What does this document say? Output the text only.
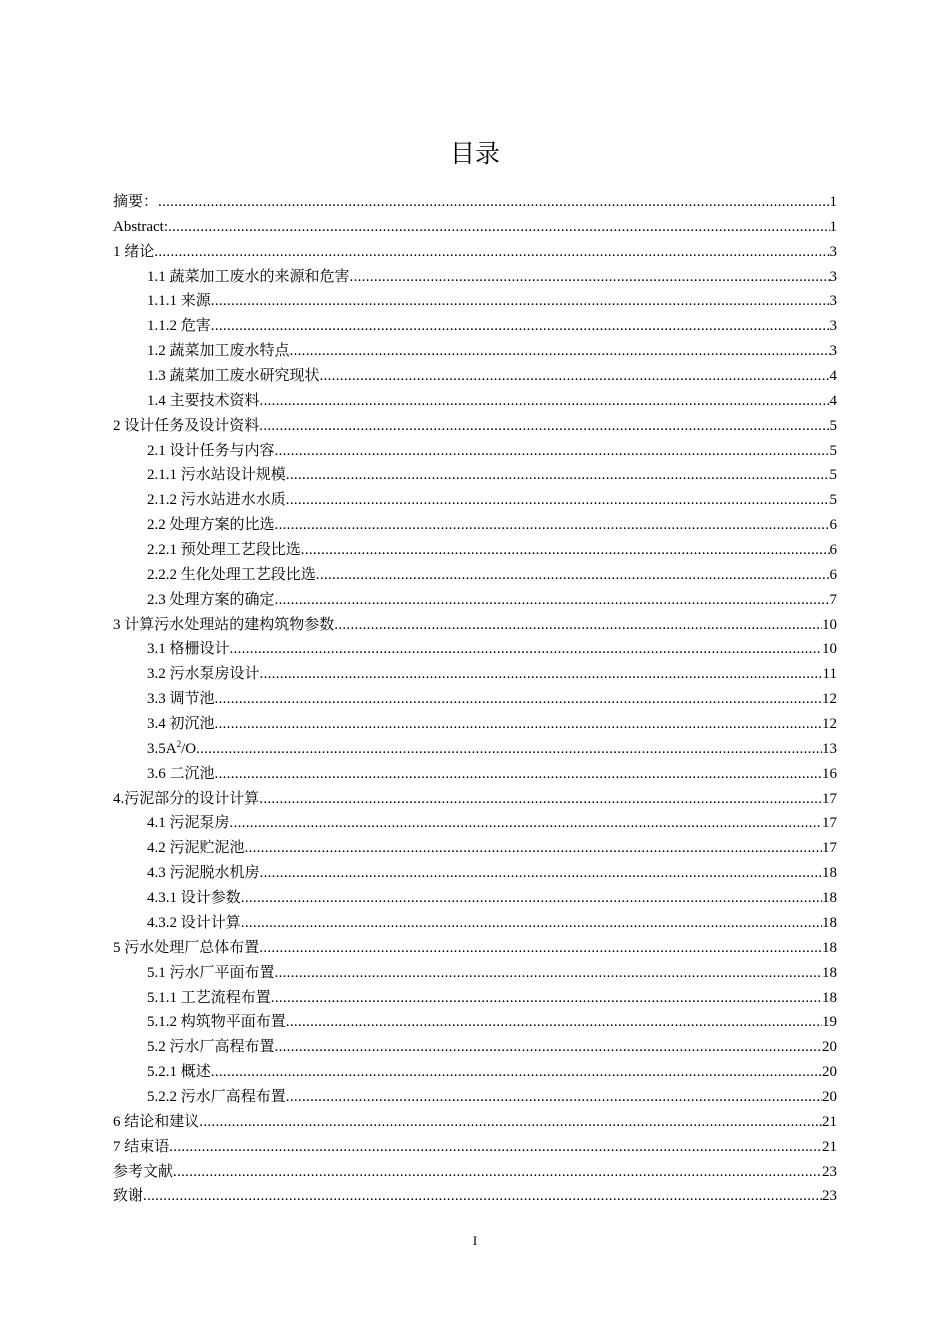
目录
摘要： .....	1
Abstract: .....	1
1 绪论 .....	3
1.1 蔬菜加工废水的来源和危害 .....	3
1.1.1 来源 .....	3
1.1.2 危害 .....	3
1.2 蔬菜加工废水特点 .....	3
1.3 蔬菜加工废水研究现状 .....	4
1.4 主要技术资料 .....	4
2 设计任务及设计资料 .....	5
2.1 设计任务与内容 .....	5
2.1.1 污水站设计规模 .....	5
2.1.2 污水站进水水质 .....	5
2.2 处理方案的比选 .....	6
2.2.1 预处理工艺段比选 .....	6
2.2.2 生化处理工艺段比选 .....	6
2.3 处理方案的确定 .....	7
3 计算污水处理站的建构筑物参数 .....	10
3.1 格栅设计 .....	10
3.2 污水泵房设计 .....	11
3.3 调节池 .....	12
3.4 初沉池 .....	12
$3.5A^2/O$ .....	13
3.6 二沉池 .....	16
4.污泥部分的设计计算 .....	17
4.1 污泥泵房 .....	17
4.2 污泥贮泥池 .....	17
4.3 污泥脱水机房 .....	18
4.3.1 设计参数 .....	18
4.3.2 设计计算 .....	18
5 污水处理厂总体布置 .....	18
5.1 污水厂平面布置 .....	18
5.1.1 工艺流程布置 .....	18
5.1.2 构筑物平面布置 .....	19
5.2 污水厂高程布置 .....	20
5.2.1 概述 .....	20
5.2.2 污水厂高程布置 .....	20
6 结论和建议 .....	21
7 结束语 .....	21
参考文献 .....	23
致谢 .....	23
I
